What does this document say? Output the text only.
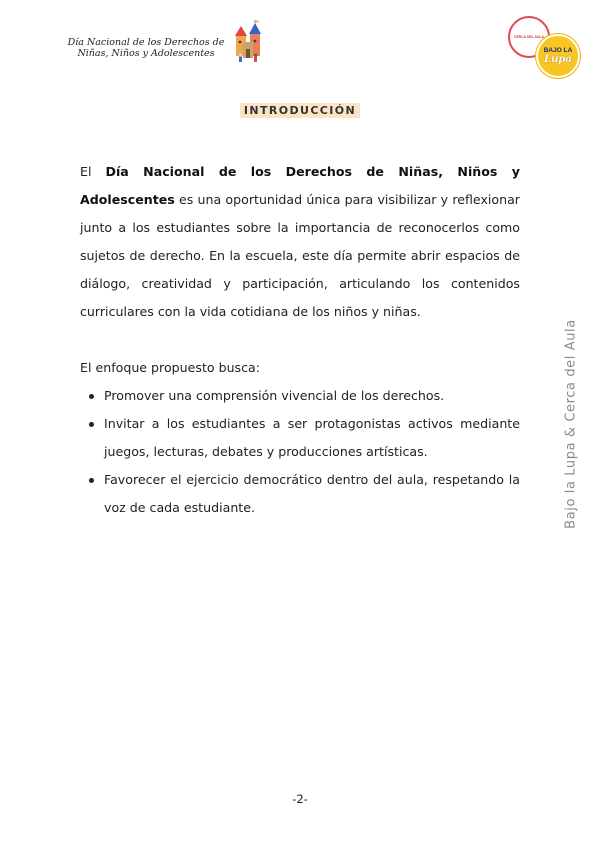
Día Nacional de los Derechos de
Niñas, Niños y Adolescentes
CERCA DEL AULA
BAJO LA
Lupa
INTRODUCCIÓN

El Día Nacional de los Derechos de Niñas, Niños y Adolescentes es una oportunidad única para visibilizar y reflexionar junto a los estudiantes sobre la importancia de reconocerlos como sujetos de derecho. En la escuela, este día permite abrir espacios de diálogo, creatividad y participación, articulando los contenidos curriculares con la vida cotidiana de los niños y niñas.

El enfoque propuesto busca:

Promover una comprensión vivencial de los derechos.
Invitar a los estudiantes a ser protagonistas activos mediante juegos, lecturas, debates y producciones artísticas.
Favorecer el ejercicio democrático dentro del aula, respetando la voz de cada estudiante.	Bajo la Lupa & Cerca del Aula
-2-
